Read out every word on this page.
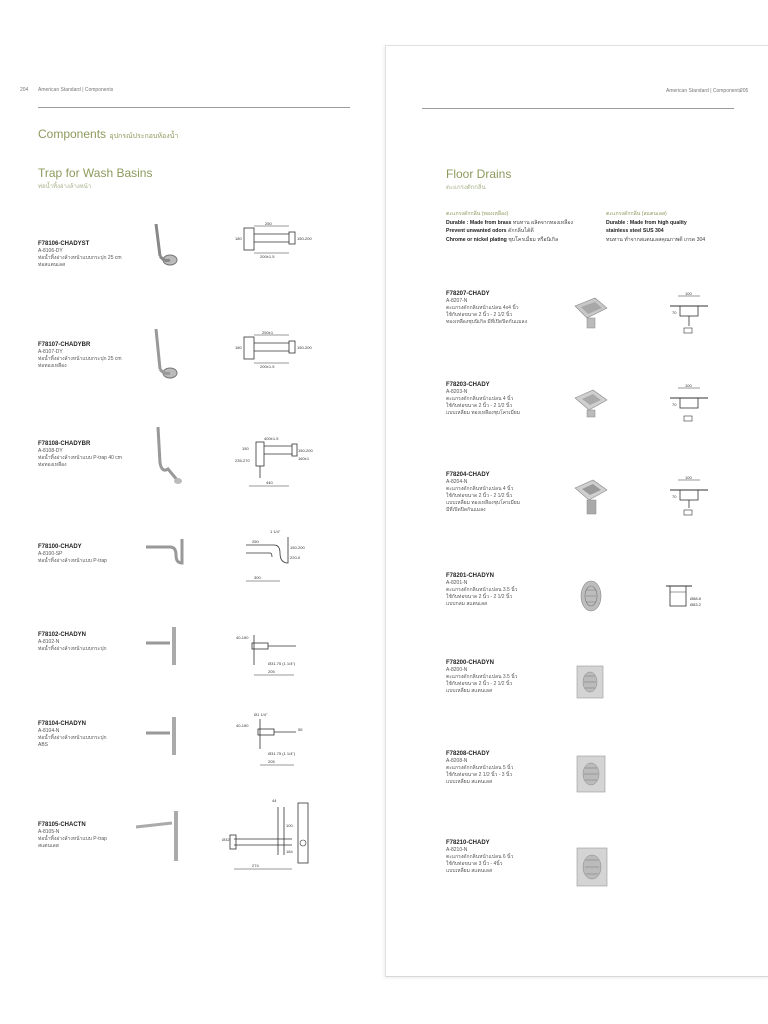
204 American Standard | Components
Components อุปกรณ์ประกอบห้องน้ำ
Trap for Wash Basins
ท่อน้ำทิ้งอ่างล้างหน้า
F78106-CHADYST
A-8106-DY
ท่อน้ำทิ้งอ่างล้างหน้าแบบกระปุก 25 cm
ท่อสแตนเลส
250
150-200
180
200±1.5
F78107-CHADYBR
A-8107-DY
ท่อน้ำทิ้งอ่างล้างหน้าแบบกระปุก 25 cm
ท่อทองเหลือง
250±1
150-200
180
200±1.5
F78108-CHADYBR
A-8108-DY
ท่อน้ำทิ้งอ่างล้างหน้าแบบ P-trap 40 cm
ท่อทองเหลือง
400±1.5
150
235-270
150-200
160±1
440
F78100-CHADY
A-8100-SP
ท่อน้ำทิ้งอ่างล้างหน้าแบบ P-trap
1 1/4"
250
150-200
220-0
300
F78102-CHADYN
A-8102-N
ท่อน้ำทิ้งอ่างล้างหน้าแบบกระปุก
40-150
Ø31.75 (1 1/4")
205
F78104-CHADYN
A-8104-N
ท่อน้ำทิ้งอ่างล้างหน้าแบบกระปุก
ABS
Ø1 1/4"
40-150
55
Ø31.75 (1 1/4")
205
F78105-CHACTN
A-8105-N
ท่อน้ำทิ้งอ่างล้างหน้าแบบ P-trap
สแตนเลส
44
Ø32
100
184
274
American Standard | Components
205
Floor Drains
ตะแกรงดักกลิ่น
ตะแกรงดักกลิ่น (ทองเหลือง)
Durable : Made from brass ทนทาน ผลิตจากทองเหลือง
Prevent unwanted odors ดักกลิ่นได้ดี
Chrome or nickel plating ชุบโครเมี่ยม หรือนิเกิล
ตะแกรงดักกลิ่น (สแตนเลส)
Durable : Made from high quality
stainless steel SUS 304
ทนทาน ทำจากสแตนเลสคุณภาพดี เกรด 304
F78207-CHADY
A-8207-N
ตะแกรงดักกลิ่นหน้าแปลน 4x4 นิ้ว
ใช้กับท่อขนาด 2 นิ้ว - 2 1/2 นิ้ว
ทองเหลืองชุบนิเกิล มีที่เปิดปิดกันแมลง
100
70
F78203-CHADY
A-8203-N
ตะแกรงดักกลิ่นหน้าแปลน 4 นิ้ว
ใช้กับท่อขนาด 2 นิ้ว - 2 1/2 นิ้ว
แบบเหลี่ยม ทองเหลืองชุบโครเมี่ยม
100
70
F78204-CHADY
A-8204-N
ตะแกรงดักกลิ่นหน้าแปลน 4 นิ้ว
ใช้กับท่อขนาด 2 นิ้ว - 2 1/2 นิ้ว
แบบเหลี่ยม ทองเหลืองชุบโครเมี่ยม
มีที่เปิดปิดกันแมลง
100
70
F78201-CHADYN
A-8201-N
ตะแกรงดักกลิ่นหน้าแปลน 3.5 นิ้ว
ใช้กับท่อขนาด 2 นิ้ว - 2 1/2 นิ้ว
แบบกลม สแตนเลส
Ø88.8
Ø83.2
F78200-CHADYN
A-8200-N
ตะแกรงดักกลิ่นหน้าแปลน 3.5 นิ้ว
ใช้กับท่อขนาด 2 นิ้ว - 2 1/2 นิ้ว
แบบเหลี่ยม สแตนเลส
F78208-CHADY
A-8208-N
ตะแกรงดักกลิ่นหน้าแปลน 5 นิ้ว
ใช้กับท่อขนาด 2 1/2 นิ้ว - 3 นิ้ว
แบบเหลี่ยม สแตนเลส
F78210-CHADY
A-8210-N
ตะแกรงดักกลิ่นหน้าแปลน 6 นิ้ว
ใช้กับท่อขนาด 3 นิ้ว - 4นิ้ว
แบบเหลี่ยม สแตนเลส
